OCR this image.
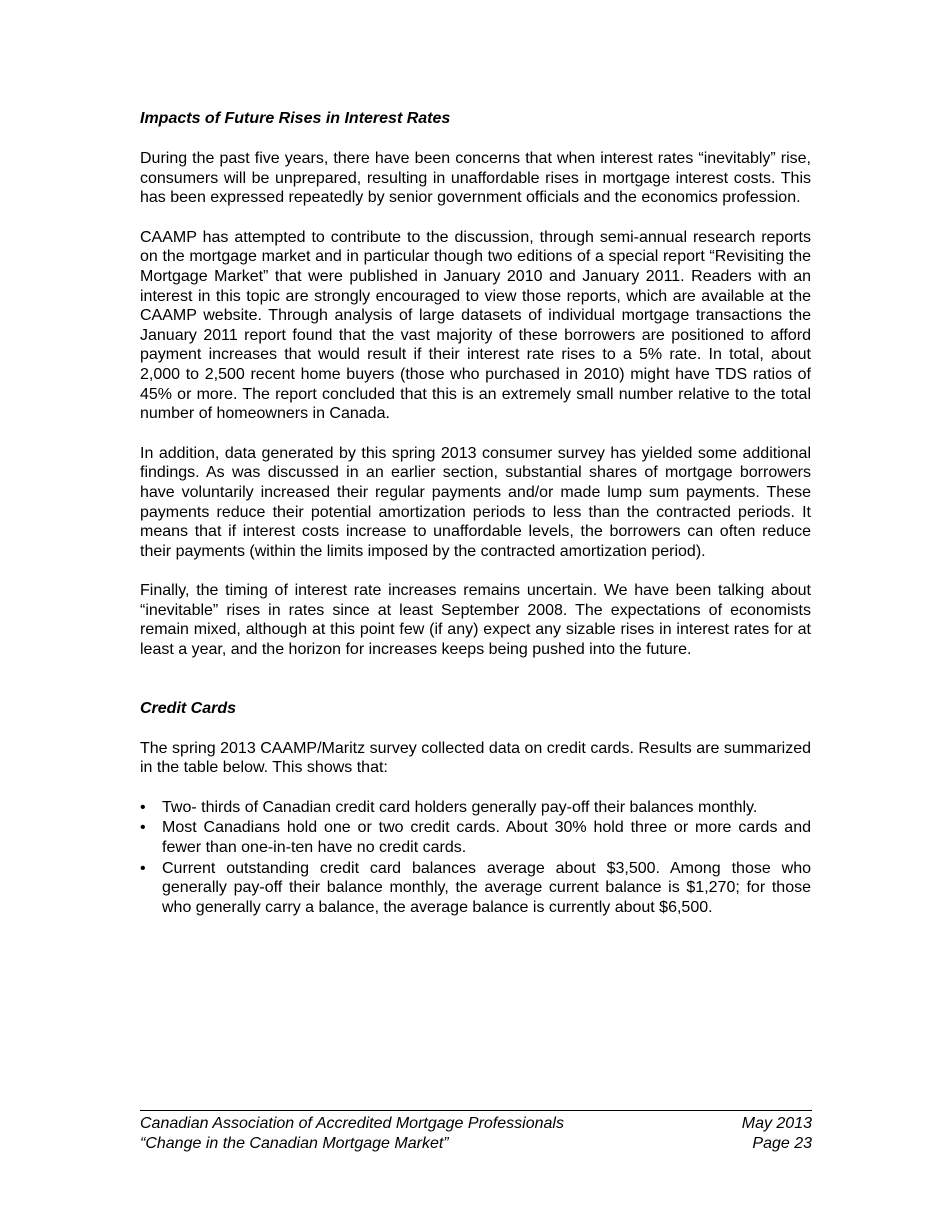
Impacts of Future Rises in Interest Rates

During the past five years, there have been concerns that when interest rates “inevitably” rise, consumers will be unprepared, resulting in unaffordable rises in mortgage interest costs. This has been expressed repeatedly by senior government officials and the economics profession.

CAAMP has attempted to contribute to the discussion, through semi-annual research reports on the mortgage market and in particular though two editions of a special report “Revisiting the Mortgage Market” that were published in January 2010 and January 2011. Readers with an interest in this topic are strongly encouraged to view those reports, which are available at the CAAMP website. Through analysis of large datasets of individual mortgage transactions the January 2011 report found that the vast majority of these borrowers are positioned to afford payment increases that would result if their interest rate rises to a 5% rate. In total, about 2,000 to 2,500 recent home buyers (those who purchased in 2010) might have TDS ratios of 45% or more. The report concluded that this is an extremely small number relative to the total number of homeowners in Canada.

In addition, data generated by this spring 2013 consumer survey has yielded some additional findings. As was discussed in an earlier section, substantial shares of mortgage borrowers have voluntarily increased their regular payments and/or made lump sum payments. These payments reduce their potential amortization periods to less than the contracted periods. It means that if interest costs increase to unaffordable levels, the borrowers can often reduce their payments (within the limits imposed by the contracted amortization period).

Finally, the timing of interest rate increases remains uncertain. We have been talking about “inevitable” rises in rates since at least September 2008. The expectations of economists remain mixed, although at this point few (if any) expect any sizable rises in interest rates for at least a year, and the horizon for increases keeps being pushed into the future.

Credit Cards

The spring 2013 CAAMP/Maritz survey collected data on credit cards. Results are summarized in the table below. This shows that:

• Two- thirds of Canadian credit card holders generally pay-off their balances monthly.
• Most Canadians hold one or two credit cards. About 30% hold three or more cards and fewer than one-in-ten have no credit cards.
• Current outstanding credit card balances average about $3,500. Among those who generally pay-off their balance monthly, the average current balance is $1,270; for those who generally carry a balance, the average balance is currently about $6,500.
Canadian Association of Accredited Mortgage Professionals	May 2013
“Change in the Canadian Mortgage Market”	Page 23
